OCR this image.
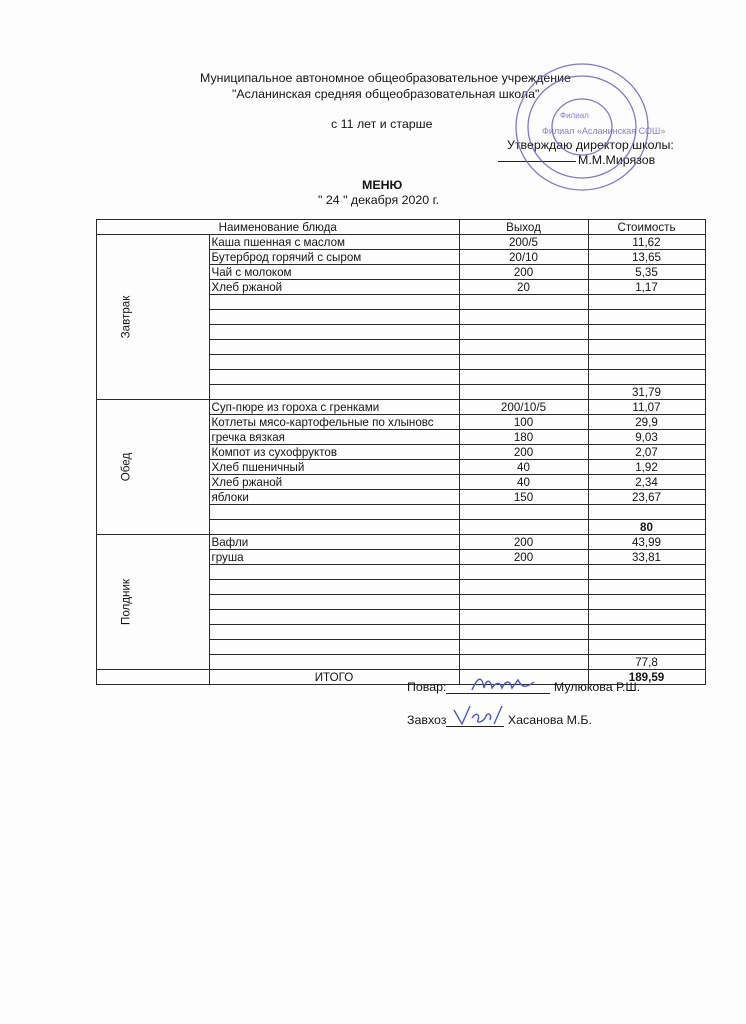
Муниципальное автономное общеобразовательное учреждение
"Асланинская средняя общеобразовательная школа"
с 11 лет и старше
Утверждаю директор школы:
М.М.Мирязов
МЕНЮ
" 24 " декабря 2020 г.
Филиал
Филиал «Асланинская СОШ»
Наименование блюда		Выход	Стоимость

Завтрак	Каша пшенная с маслом	200/5	11,62
	Бутерброд горячий с сыром	20/10	13,65
	Чай с молоком	200	5,35
	Хлеб ржаной	20	1,17

			31,79

Обед	Суп-пюре из гороха с гренками	200/10/5	11,07
	Котлеты мясо-картофельные по хлыновс	100	29,9
	гречка вязкая	180	9,03
	Компот из сухофруктов	200	2,07
	Хлеб пшеничный	40	1,92
	Хлеб ржаной	40	2,34
	яблоки	150	23,67

			80

Полдник	Вафли	200	43,99
	груша	200	33,81

			77,8
	ИТОГО		189,59
Повар:	Мулюкова Р.Ш.
Завхоз	Хасанова М.Б.
